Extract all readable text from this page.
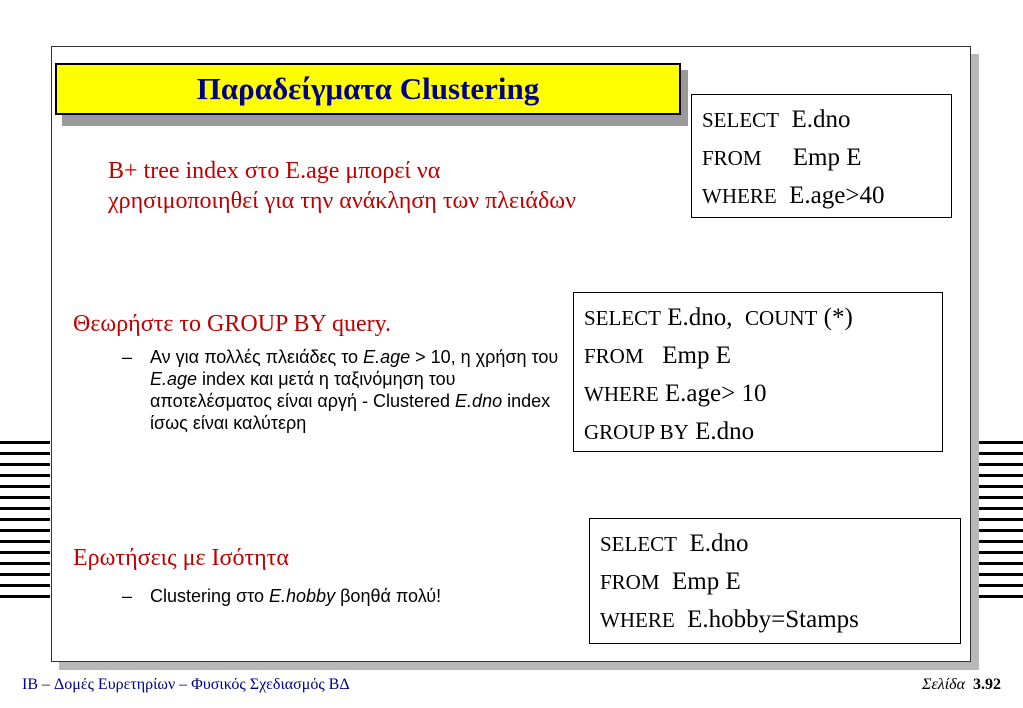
Παραδείγματα Clustering
B+ tree index στο E.age μπορεί να χρησιμοποιηθεί για την ανάκληση των πλειάδων
SELECT  E.dno
FROM     Emp E
WHERE  E.age>40
Θεωρήστε το GROUP BY query.
– Αν για πολλές πλειάδες το E.age > 10, η χρήση του E.age index και μετά η ταξινόμηση του αποτελέσματος είναι αργή - Clustered E.dno index ίσως είναι καλύτερη
SELECT E.dno,  COUNT (*)
FROM   Emp E
WHERE E.age> 10
GROUP BY E.dno
Ερωτήσεις με Ισότητα
– Clustering στο E.hobby βοηθά πολύ!
SELECT  E.dno
FROM  Emp E
WHERE  E.hobby=Stamps
IB – Δομές Ευρετηρίων – Φυσικός Σχεδιασμός ΒΔ	Σελίδα 3.92
